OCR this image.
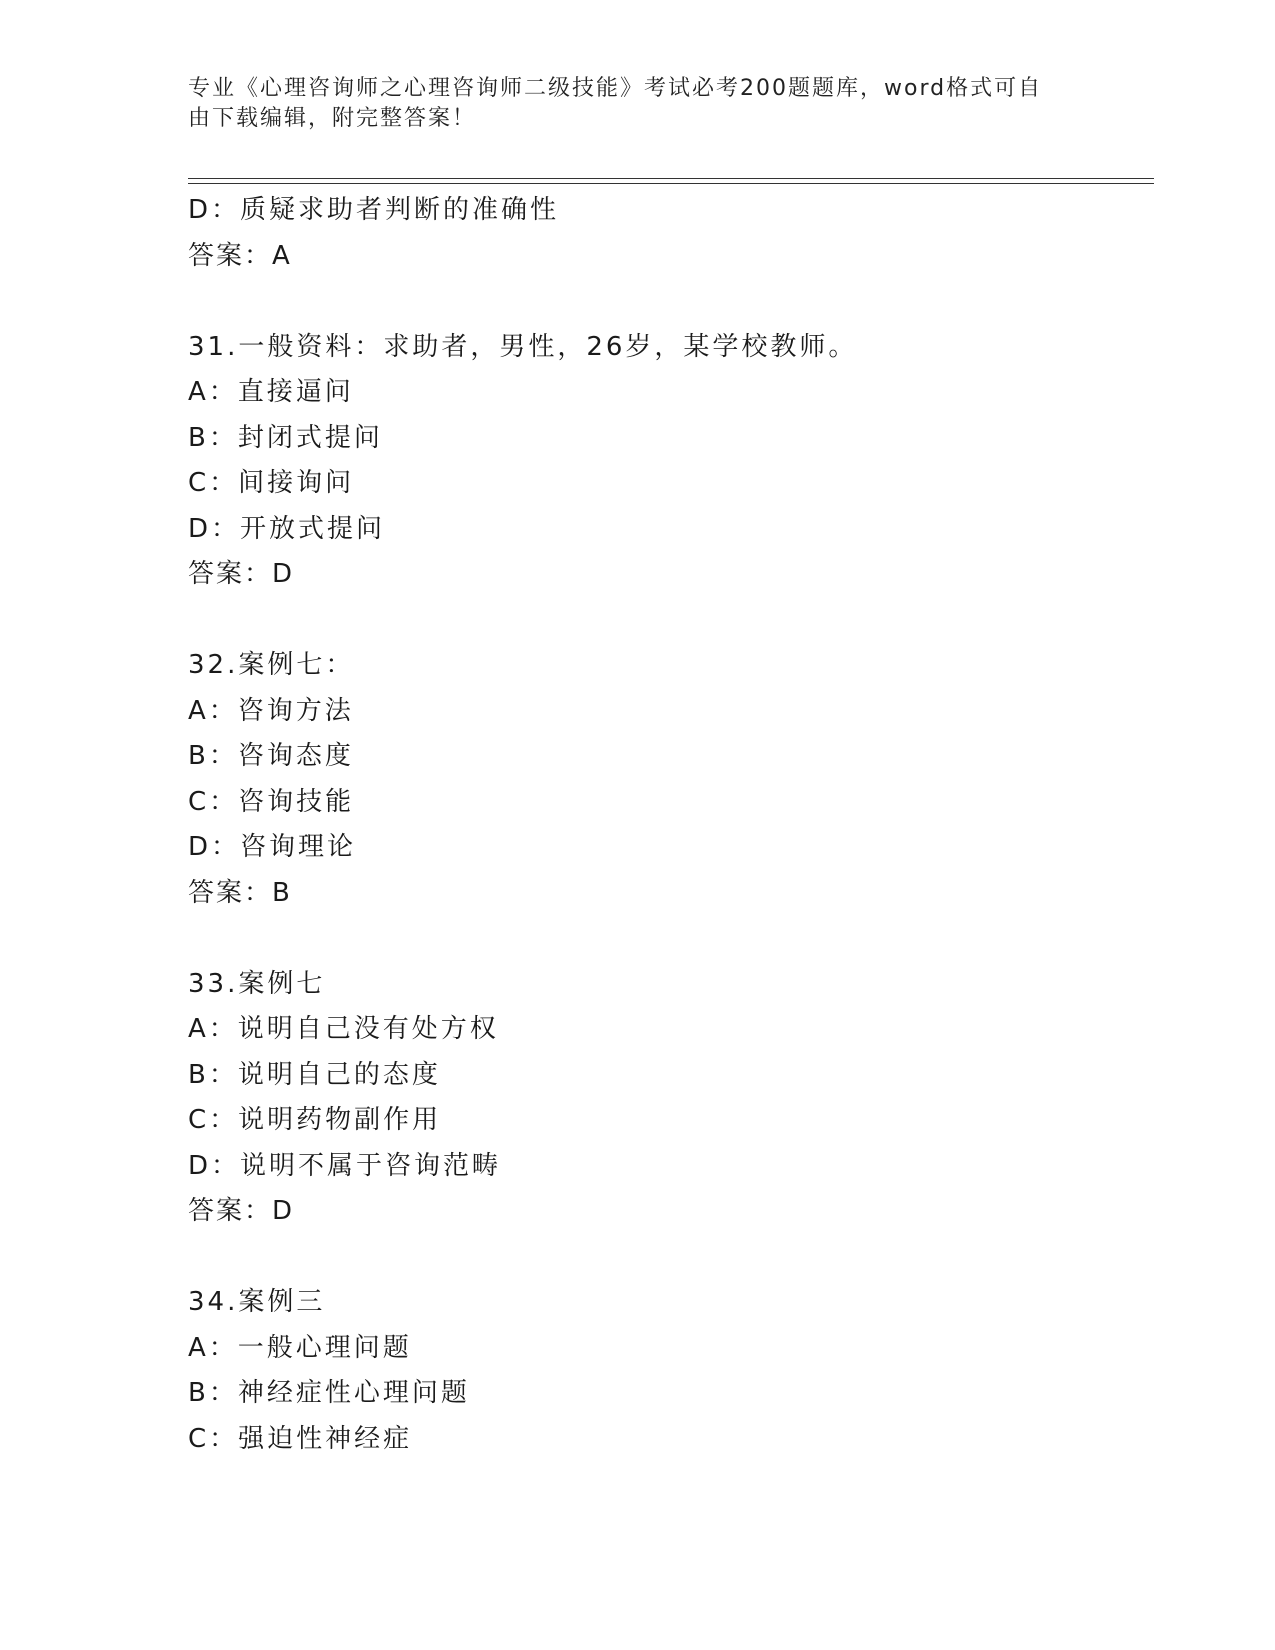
专业《心理咨询师之心理咨询师二级技能》考试必考200题题库，word格式可自
由下载编辑，附完整答案！
D：质疑求助者判断的准确性
答案：A
31.一般资料：求助者，男性，26岁，某学校教师。
A：直接逼问
B：封闭式提问
C：间接询问
D：开放式提问
答案：D
32.案例七：
A：咨询方法
B：咨询态度
C：咨询技能
D：咨询理论
答案：B
33.案例七
A：说明自己没有处方权
B：说明自己的态度
C：说明药物副作用
D：说明不属于咨询范畴
答案：D
34.案例三
A：一般心理问题
B：神经症性心理问题
C：强迫性神经症
